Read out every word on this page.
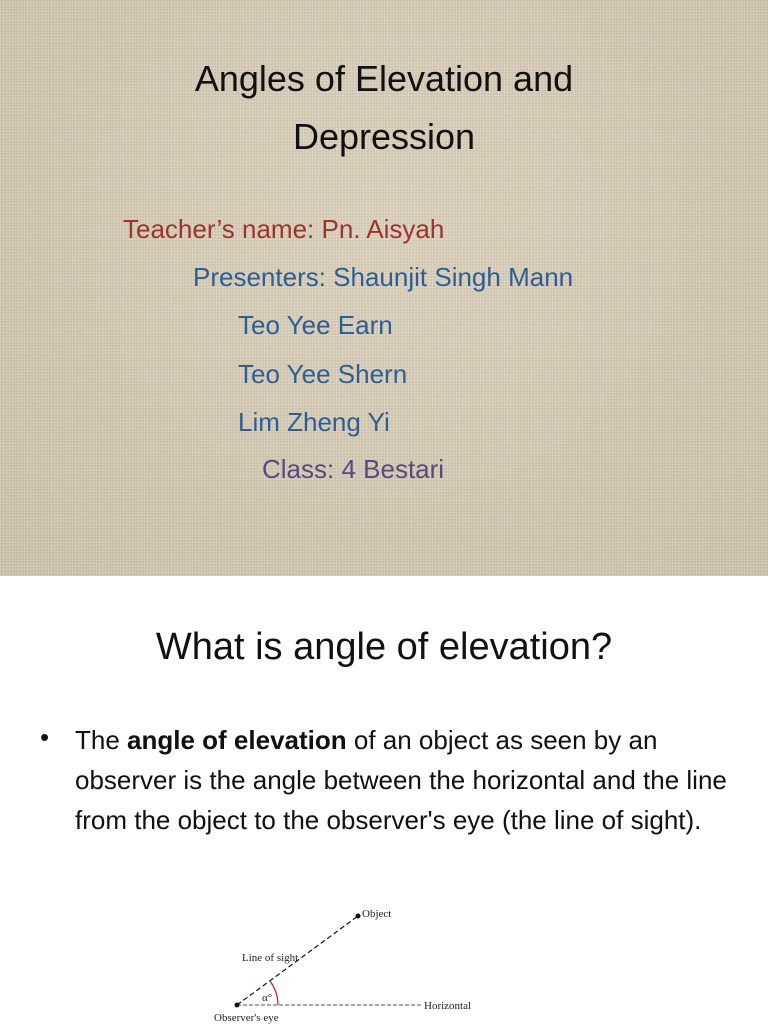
Angles of Elevation and
Depression
Teacher’s name: Pn. Aisyah
Presenters: Shaunjit Singh Mann
Teo Yee Earn
Teo Yee Shern
Lim Zheng Yi
Class: 4 Bestari
What is angle of elevation?
• The angle of elevation of an object as seen by an observer is the angle between the horizontal and the line from the object to the observer's eye (the line of sight).
Object
Line of sight
α°
Horizontal
Observer's eye
